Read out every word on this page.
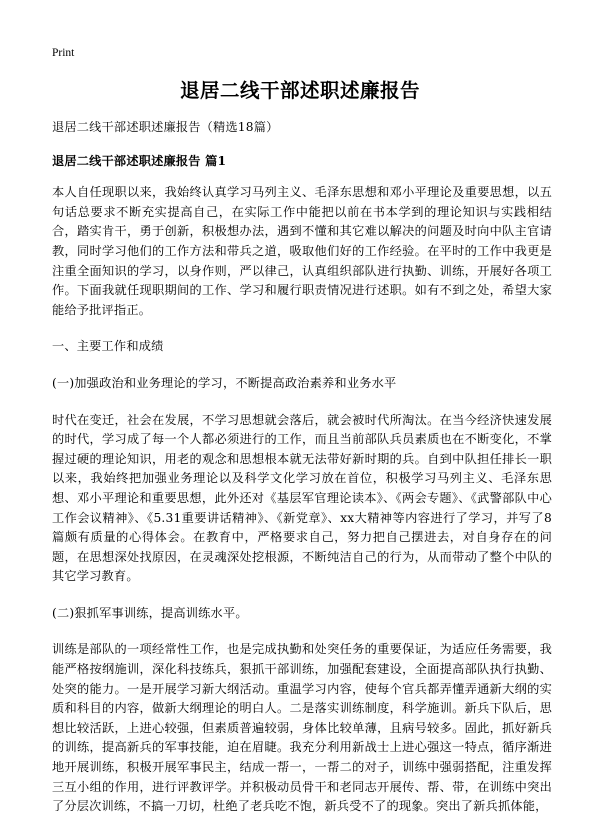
Print
退居二线干部述职述廉报告

退居二线干部述职述廉报告（精选18篇）

退居二线干部述职述廉报告 篇1

本人自任现职以来，我始终认真学习马列主义、毛泽东思想和邓小平理论及重要思想，以五句话总要求不断充实提高自己，在实际工作中能把以前在书本学到的理论知识与实践相结合，踏实肯干，勇于创新，积极想办法，遇到不懂和其它难以解决的问题及时向中队主官请教，同时学习他们的工作方法和带兵之道，吸取他们好的工作经验。在平时的工作中我更是注重全面知识的学习，以身作则，严以律己，认真组织部队进行执勤、训练，开展好各项工作。下面我就任现职期间的工作、学习和履行职责情况进行述职。如有不到之处，希望大家能给予批评指正。

一、主要工作和成绩

(一)加强政治和业务理论的学习，不断提高政治素养和业务水平

时代在变迁，社会在发展，不学习思想就会落后，就会被时代所淘汰。在当今经济快速发展的时代，学习成了每一个人都必须进行的工作，而且当前部队兵员素质也在不断变化，不掌握过硬的理论知识，用老的观念和思想根本就无法带好新时期的兵。自到中队担任排长一职以来，我始终把加强业务理论以及科学文化学习放在首位，积极学习马列主义、毛泽东思想、邓小平理论和重要思想，此外还对《基层军官理论读本》、《两会专题》、《武警部队中心工作会议精神》、《5.31重要讲话精神》、《新党章》、xx大精神等内容进行了学习，并写了8篇颇有质量的心得体会。在教育中，严格要求自己，努力把自己摆进去，对自身存在的问题，在思想深处找原因，在灵魂深处挖根源，不断纯洁自己的行为，从而带动了整个中队的其它学习教育。

(二)狠抓军事训练，提高训练水平。

训练是部队的一项经常性工作，也是完成执勤和处突任务的重要保证，为适应任务需要，我能严格按纲施训，深化科技练兵，狠抓干部训练，加强配套建设，全面提高部队执行执勤、处突的能力。一是开展学习新大纲活动。重温学习内容，使每个官兵都弄懂弄通新大纲的实质和科目的内容，做新大纲理论的明白人。二是落实训练制度，科学施训。新兵下队后，思想比较活跃，上进心较强，但素质普遍较弱，身体比较单薄，且病号较多。固此，抓好新兵的训练，提高新兵的军事技能，迫在眉睫。我充分利用新战士上进心强这一特点，循序渐进地开展训练，积极开展军事民主，结成一帮一，一帮二的对子，训练中强弱搭配，注重发挥三互小组的作用，进行评教评学。并积极动员骨干和老同志开展传、帮、带，在训练中突出了分层次训练，不搞一刀切，杜绝了老兵吃不饱，新兵受不了的现象。突出了新兵抓体能，
